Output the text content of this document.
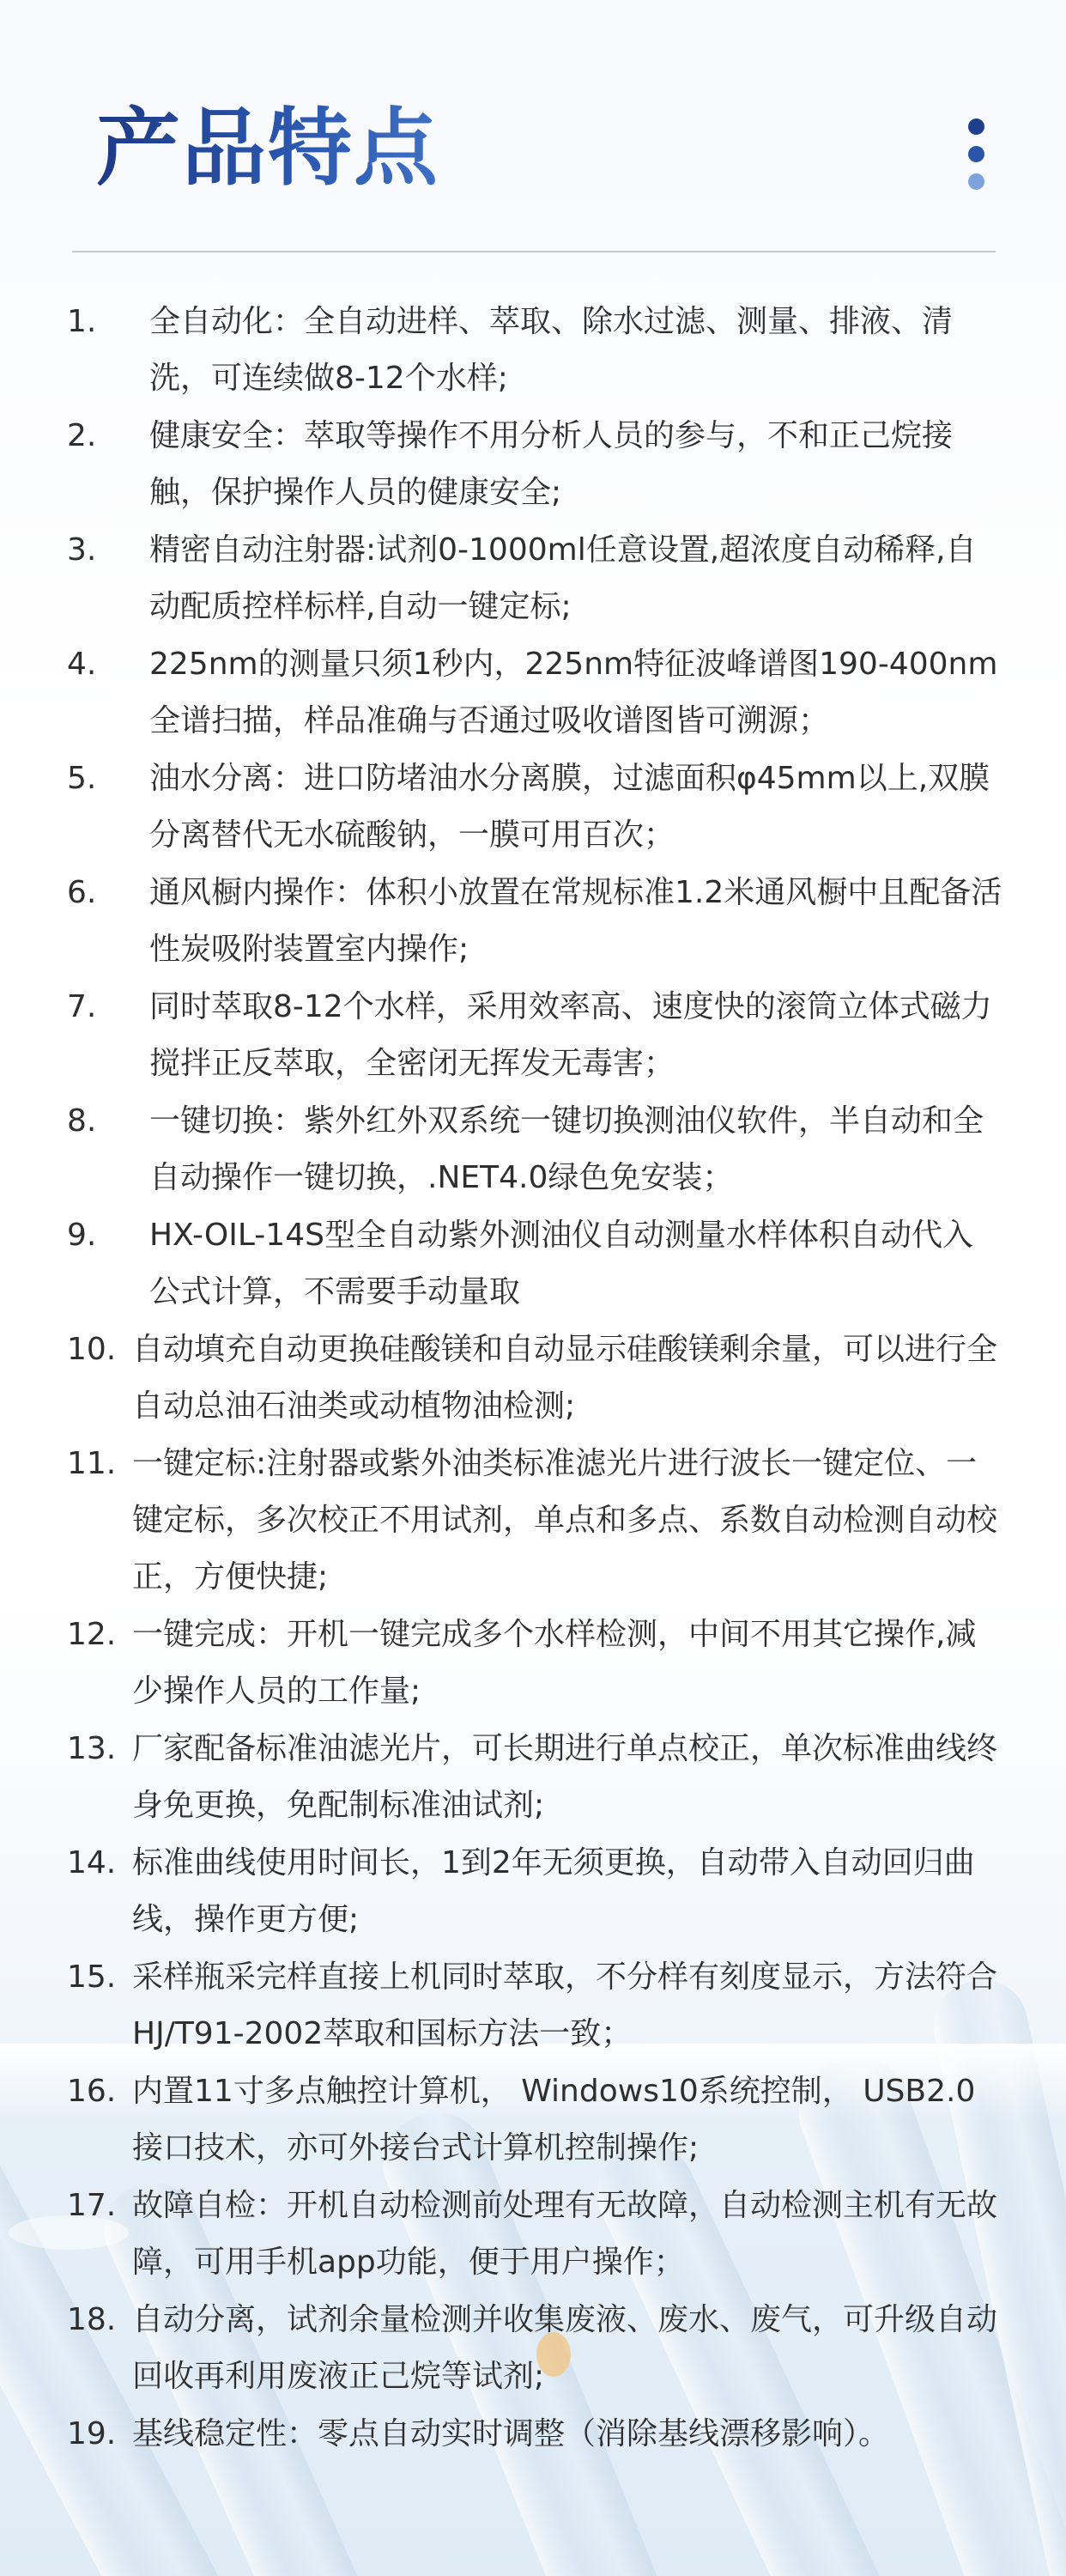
产品特点
1.	全自动化：全自动进样、萃取、除水过滤、测量、排液、清洗，可连续做8-12个水样;
2.	健康安全：萃取等操作不用分析人员的参与，不和正己烷接触，保护操作人员的健康安全;
3.	精密自动注射器:试剂0-1000ml任意设置,超浓度自动稀释,自动配质控样标样,自动一键定标;
4.	225nm的测量只须1秒内，225nm特征波峰谱图190-400nm全谱扫描，样品准确与否通过吸收谱图皆可溯源；
5.	油水分离：进口防堵油水分离膜，过滤面积φ45mm以上,双膜分离替代无水硫酸钠，一膜可用百次；
6.	通风橱内操作：体积小放置在常规标准1.2米通风橱中且配备活性炭吸附装置室内操作;
7.	同时萃取8-12个水样，采用效率高、速度快的滚筒立体式磁力搅拌正反萃取，全密闭无挥发无毒害；
8.	一键切换：紫外红外双系统一键切换测油仪软件，半自动和全自动操作一键切换，.NET4.0绿色免安装；
9.	HX-OIL-14S型全自动紫外测油仪自动测量水样体积自动代入公式计算，不需要手动量取
10. 自动填充自动更换硅酸镁和自动显示硅酸镁剩余量，可以进行全自动总油石油类或动植物油检测;
11. 一键定标:注射器或紫外油类标准滤光片进行波长一键定位、一键定标，多次校正不用试剂，单点和多点、系数自动检测自动校正，方便快捷;
12. 一键完成：开机一键完成多个水样检测，中间不用其它操作,减少操作人员的工作量;
13. 厂家配备标准油滤光片，可长期进行单点校正，单次标准曲线终身免更换，免配制标准油试剂;
14. 标准曲线使用时间长，1到2年无须更换，自动带入自动回归曲线，操作更方便;
15. 采样瓶采完样直接上机同时萃取，不分样有刻度显示，方法符合HJ/T91-2002萃取和国标方法一致；
16. 内置11寸多点触控计算机， Windows10系统控制， USB2.0接口技术，亦可外接台式计算机控制操作;
17. 故障自检：开机自动检测前处理有无故障，自动检测主机有无故障，可用手机app功能，便于用户操作；
18. 自动分离，试剂余量检测并收集废液、废水、废气，可升级自动回收再利用废液正己烷等试剂;
19. 基线稳定性：零点自动实时调整（消除基线漂移影响）。
